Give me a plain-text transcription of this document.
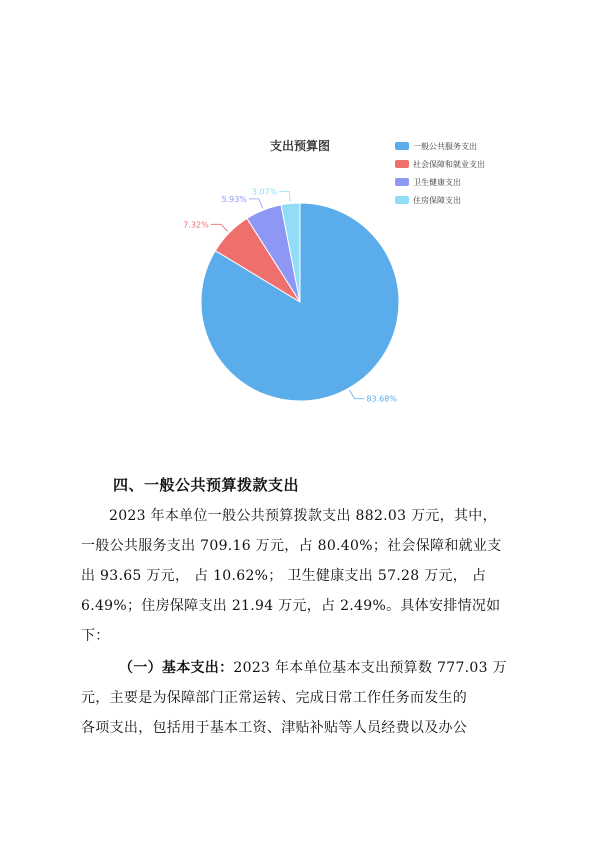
支出预算图
83.68%
7.32%
5.93%
3.07%
一般公共服务支出
社会保障和就业支出
卫生健康支出
住房保障支出
四、一般公共预算拨款支出
2023 年本单位一般公共预算拨款支出 882.03 万元，其中，
一般公共服务支出 709.16 万元，占 80.40%；社会保障和就业支
出 93.65 万元， 占 10.62%； 卫生健康支出 57.28 万元， 占
6.49%；住房保障支出 21.94 万元，占 2.49%。具体安排情况如
下：
（一）基本支出：2023 年本单位基本支出预算数 777.03 万
元，主要是为保障部门正常运转、完成日常工作任务而发生的
各项支出，包括用于基本工资、津贴补贴等人员经费以及办公
